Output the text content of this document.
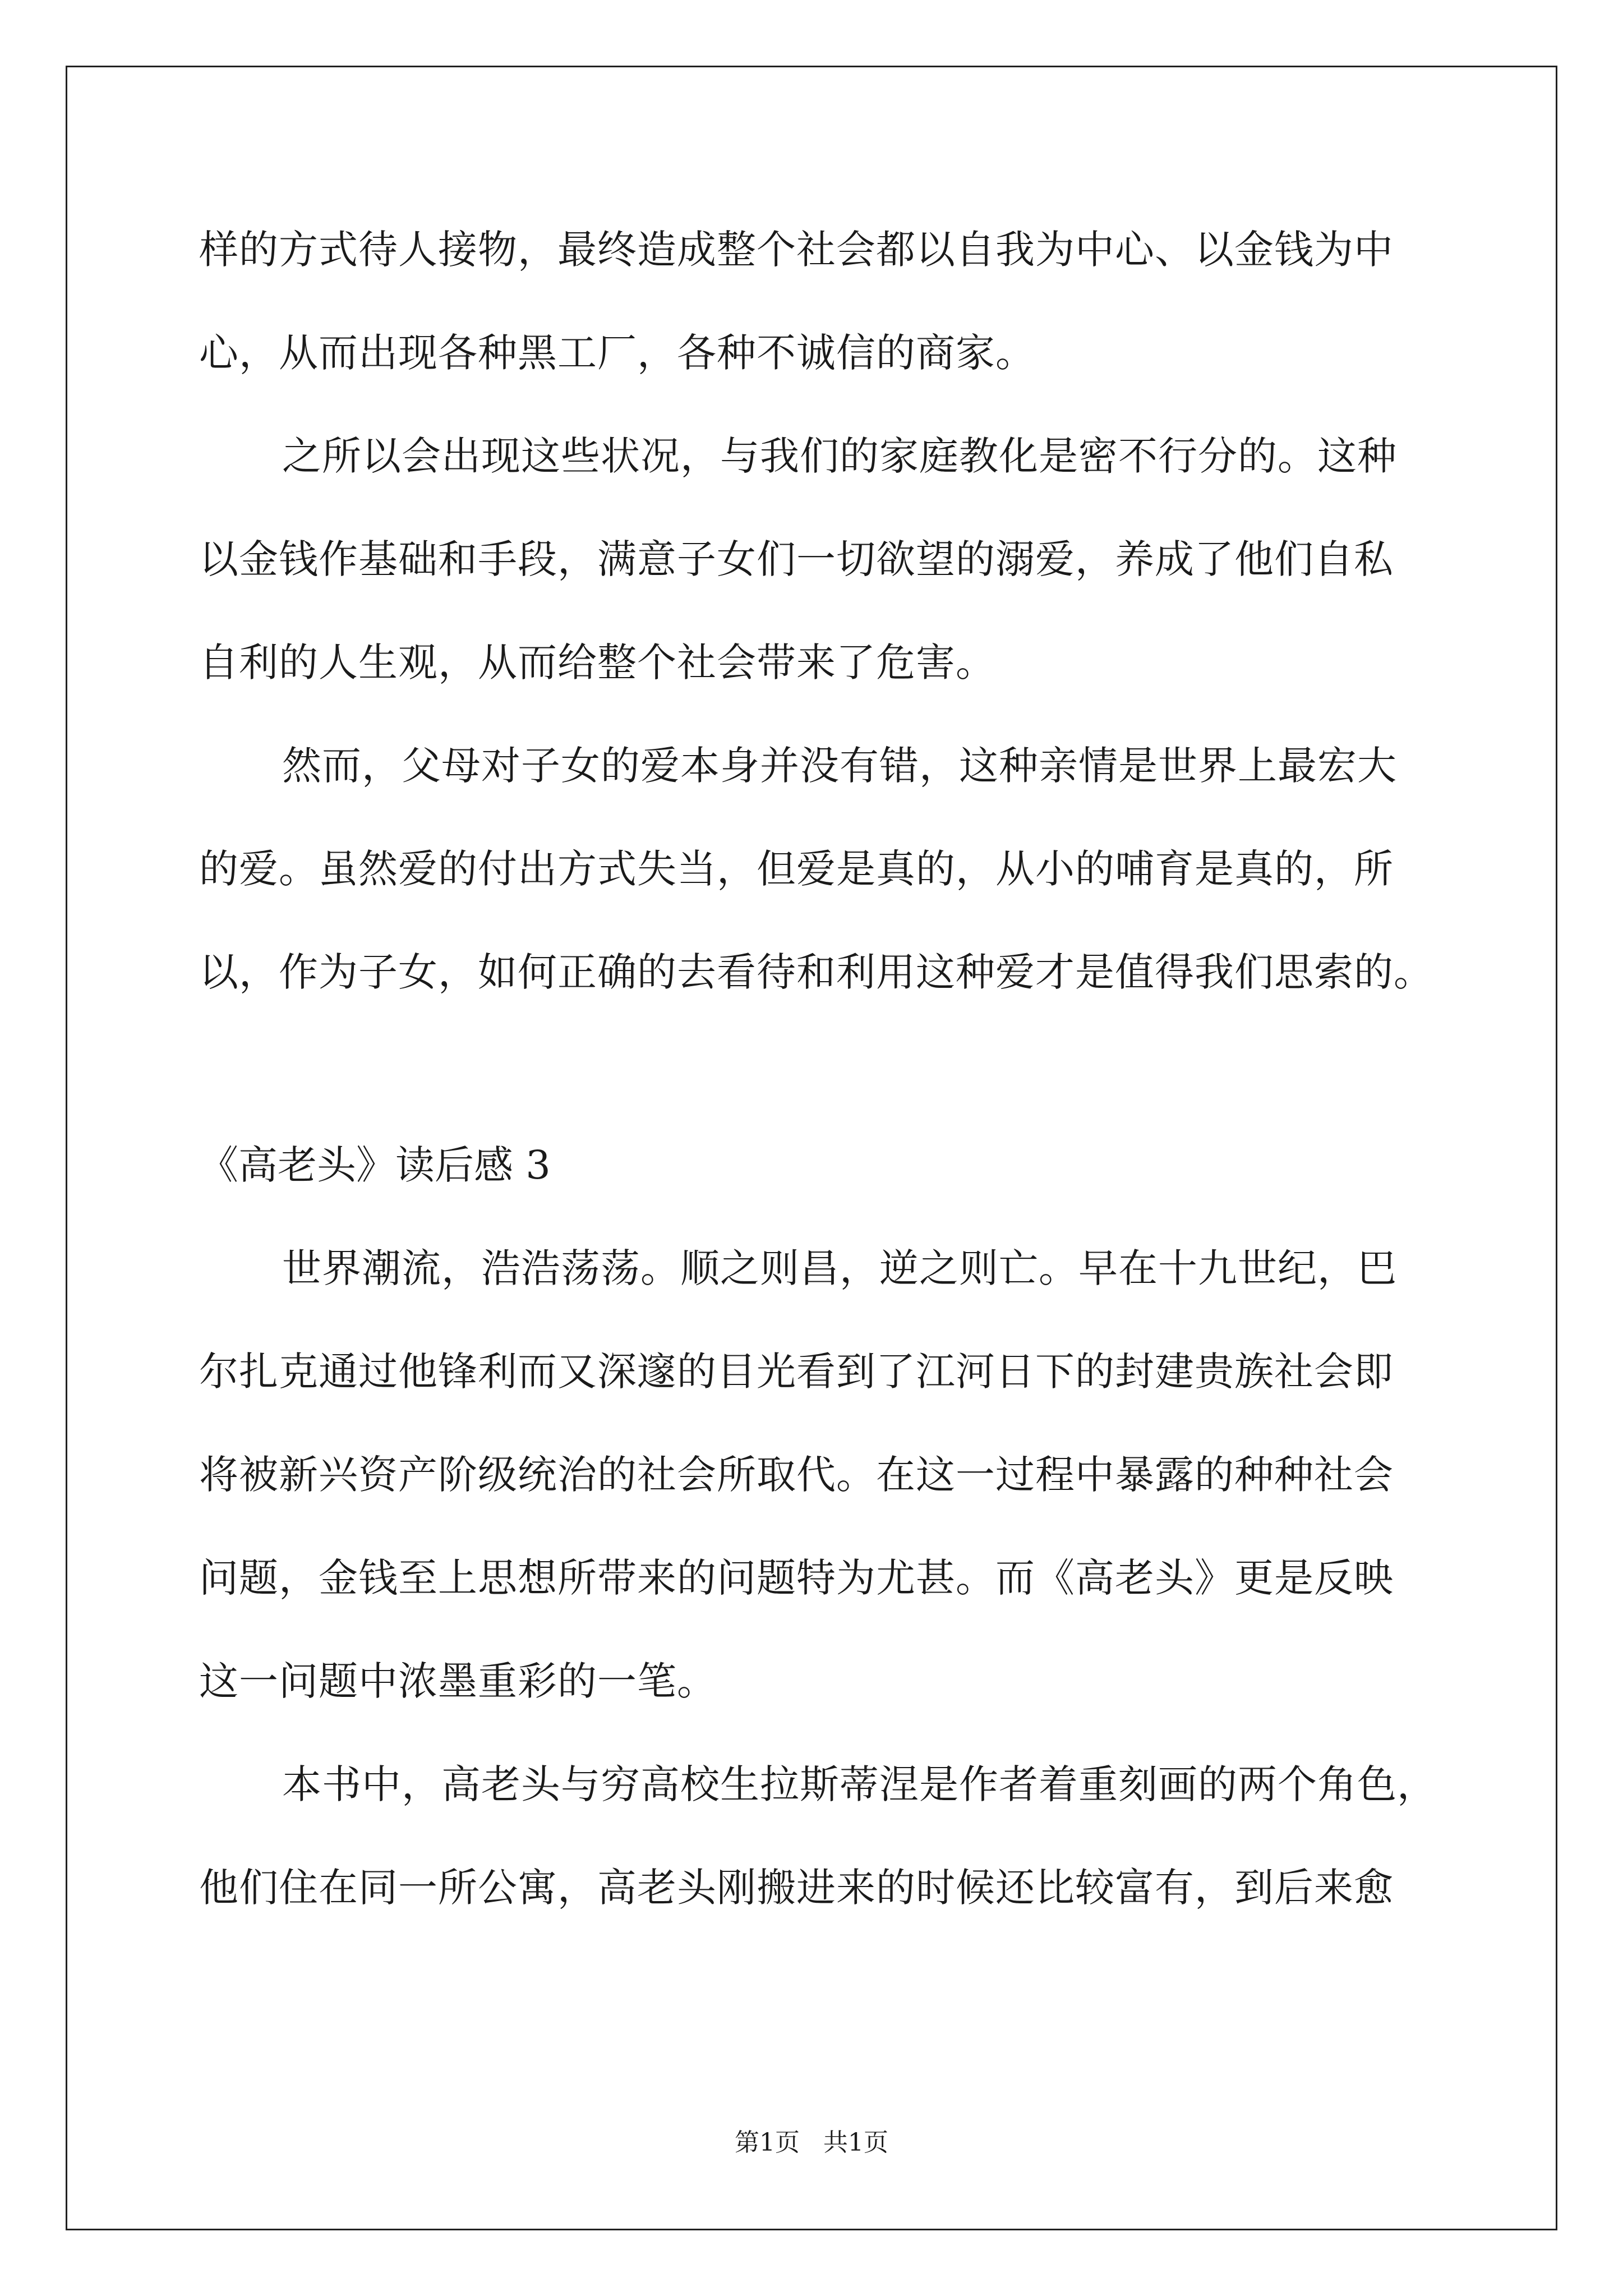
样的方式待人接物，最终造成整个社会都以自我为中心、以金钱为中
心，从而出现各种黑工厂，各种不诚信的商家。
之所以会出现这些状况，与我们的家庭教化是密不行分的。这种
以金钱作基础和手段，满意子女们一切欲望的溺爱，养成了他们自私
自利的人生观，从而给整个社会带来了危害。
然而，父母对子女的爱本身并没有错，这种亲情是世界上最宏大
的爱。虽然爱的付出方式失当，但爱是真的，从小的哺育是真的，所
以，作为子女，如何正确的去看待和利用这种爱才是值得我们思索的。
《高老头》读后感 3
世界潮流，浩浩荡荡。顺之则昌，逆之则亡。早在十九世纪，巴
尔扎克通过他锋利而又深邃的目光看到了江河日下的封建贵族社会即
将被新兴资产阶级统治的社会所取代。在这一过程中暴露的种种社会
问题，金钱至上思想所带来的问题特为尤甚。而《高老头》更是反映
这一问题中浓墨重彩的一笔。
本书中，高老头与穷高校生拉斯蒂涅是作者着重刻画的两个角色，
他们住在同一所公寓，高老头刚搬进来的时候还比较富有，到后来愈
第1页   共1页
